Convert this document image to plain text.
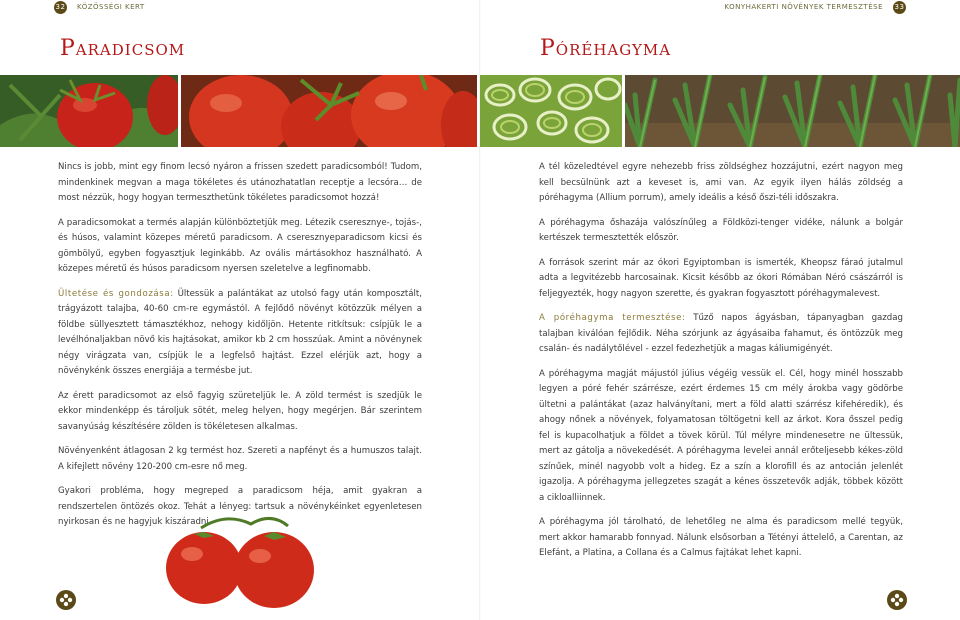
32 KÖZÖSSÉGI KERT
Paradicsom

Nincs is jobb, mint egy finom lecsó nyáron a frissen szedett paradicsomból! Tudom, mindenkinek megvan a maga tökéletes és utánozhatatlan receptje a lecsóra… de most nézzük, hogy hogyan termeszthetünk tökéletes paradicsomot hozzá!

A paradicsomokat a termés alapján különböztetjük meg. Létezik cseresznye-, tojás-, és húsos, valamint közepes méretű paradicsom. A cseresznyeparadicsom kicsi és gömbölyű, egyben fogyasztjuk leginkább. Az ovális mártásokhoz használható. A közepes méretű és húsos paradicsom nyersen szeletelve a legfinomabb.

Ültetése és gondozása: Ültessük a palántákat az utolsó fagy után komposztált, trágyázott talajba, 40-60 cm-re egymástól. A fejlődő növényt kötözzük mélyen a földbe süllyesztett támasztékhoz, nehogy kidőljön. Hetente ritkítsuk: csípjük le a levélhónaljakban növő kis hajtásokat, amikor kb 2 cm hosszúak. Amint a növénynek négy virágzata van, csípjük le a legfelső hajtást. Ezzel elérjük azt, hogy a növénykénk összes energiája a termésbe jut.

Az érett paradicsomot az első fagyig szüreteljük le. A zöld termést is szedjük le ekkor mindenképp és tároljuk sötét, meleg helyen, hogy megérjen. Bár szerintem savanyúság készítésére zölden is tökéletesen alkalmas.

Növényenként átlagosan 2 kg termést hoz. Szereti a napfényt és a humuszos talajt. A kifejlett növény 120-200 cm-esre nő meg.

Gyakori probléma, hogy megreped a paradicsom héja, amit gyakran a rendszertelen öntözés okoz. Tehát a lényeg: tartsuk a növénykéinket egyenletesen nyirkosan és ne hagyjuk kiszáradni.

KONYHAKERTI NÖVÉNYEK TERMESZTÉSE 33
Póréhagyma

A tél közeledtével egyre nehezebb friss zöldséghez hozzájutni, ezért nagyon meg kell becsülnünk azt a keveset is, ami van. Az egyik ilyen hálás zöldség a póréhagyma (Allium porrum), amely ideális a késő őszi-téli időszakra.

A póréhagyma őshazája valószínűleg a Földközi-tenger vidéke, nálunk a bolgár kertészek termesztették először.

A források szerint már az ókori Egyiptomban is ismerték, Kheopsz fáraó jutalmul adta a legvitézebb harcosainak. Kicsit később az ókori Rómában Néró császárról is feljegyezték, hogy nagyon szerette, és gyakran fogyasztott póréhagymalevest.

A póréhagyma termesztése: Tűző napos ágyásban, tápanyagban gazdag talajban kiválóan fejlődik. Néha szórjunk az ágyásaiba fahamut, és öntözzük meg csalán- és nadálytőlével - ezzel fedezhetjük a magas káliumigényét.

A póréhagyma magját májustól július végéig vessük el. Cél, hogy minél hosszabb legyen a póré fehér szárrésze, ezért érdemes 15 cm mély árokba vagy gödörbe ültetni a palántákat (azaz halványítani, mert a föld alatti szárrész kifehéredik), és ahogy nőnek a növények, folyamatosan töltögetni kell az árkot. Kora ősszel pedig fel is kupacolhatjuk a földet a tövek körül. Túl mélyre mindenesetre ne ültessük, mert az gátolja a növekedését. A póréhagyma levelei annál erőteljesebb kékes-zöld színűek, minél nagyobb volt a hideg. Ez a szín a klorofill és az antocián jelenlét igazolja. A póréhagyma jellegzetes szagát a kénes összetevők adják, többek között a cikloalliinnek.

A póréhagyma jól tárolható, de lehetőleg ne alma és paradicsom mellé tegyük, mert akkor hamarabb fonnyad. Nálunk elsősorban a Tétényi áttelelő, a Carentan, az Elefánt, a Platina, a Collana és a Calmus fajtákat lehet kapni.
